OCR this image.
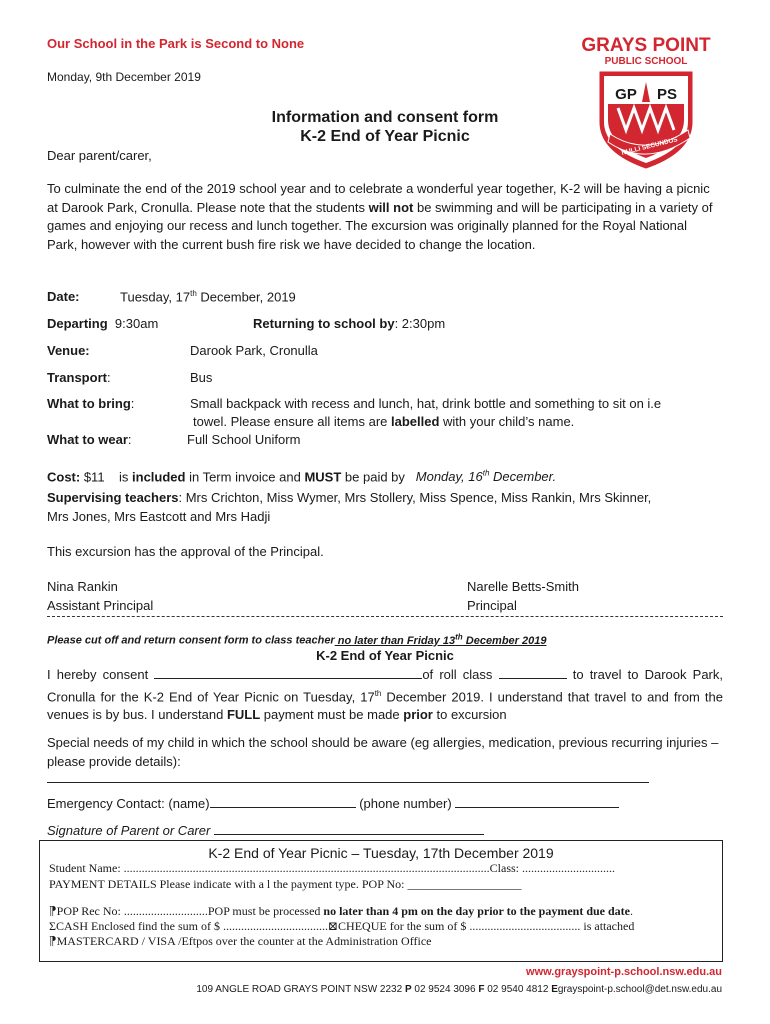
Our School in the Park is Second to None
Monday, 9th December 2019
GRAYS POINT
PUBLIC SCHOOL
GP PS
NULLI SECUNDUS
Information and consent form
K-2 End of Year Picnic
Dear parent/carer,
To culminate the end of the 2019 school year and to celebrate a wonderful year together, K-2 will be having a picnic at Darook Park, Cronulla. Please note that the students will not be swimming and will be participating in a variety of games and enjoying our recess and lunch together. The excursion was originally planned for the Royal National Park, however with the current bush fire risk we have decided to change the location.
Date:	Tuesday, 17th December, 2019
Departing 9:30am	Returning to school by: 2:30pm
Venue:	Darook Park, Cronulla
Transport:	Bus
What to bring:	Small backpack with recess and lunch, hat, drink bottle and something to sit on i.e
towel. Please ensure all items are labelled with your child’s name.
What to wear:	Full School Uniform
Cost: $11 is included in Term invoice and MUST be paid by Monday, 16th December.
Supervising teachers: Mrs Crichton, Miss Wymer, Mrs Stollery, Miss Spence, Miss Rankin, Mrs Skinner,
Mrs Jones, Mrs Eastcott and Mrs Hadji
This excursion has the approval of the Principal.
Nina Rankin
Assistant Principal
Narelle Betts-Smith
Principal
Please cut off and return consent form to class teacher no later than Friday 13th December 2019
K-2 End of Year Picnic
I hereby consent	of roll class	to travel to Darook Park, Cronulla for the K-2 End of Year Picnic on Tuesday, 17th December 2019. I understand that travel to and from the venues is by bus. I understand FULL payment must be made prior to excursion
Special needs of my child in which the school should be aware (eg allergies, medication, previous recurring injuries – please provide details):
Emergency Contact: (name)	(phone number)
Signature of Parent or Carer
K-2 End of Year Picnic – Tuesday, 17th December 2019
Student Name: ..........................................................................................................................Class: ...............................
PAYMENT DETAILS Please indicate with a l the payment type. POP No: ___________________
⁋POP Rec No: ............................POP must be processed no later than 4 pm on the day prior to the payment due date.
ΣCASH Enclosed find the sum of $ ...................................⊠CHEQUE for the sum of $ ..................................... is attached
⁋MASTERCARD / VISA /Eftpos over the counter at the Administration Office
www.grayspoint-p.school.nsw.edu.au
109 ANGLE ROAD GRAYS POINT NSW 2232 P 02 9524 3096 F 02 9540 4812 Egrayspoint-p.school@det.nsw.edu.au
